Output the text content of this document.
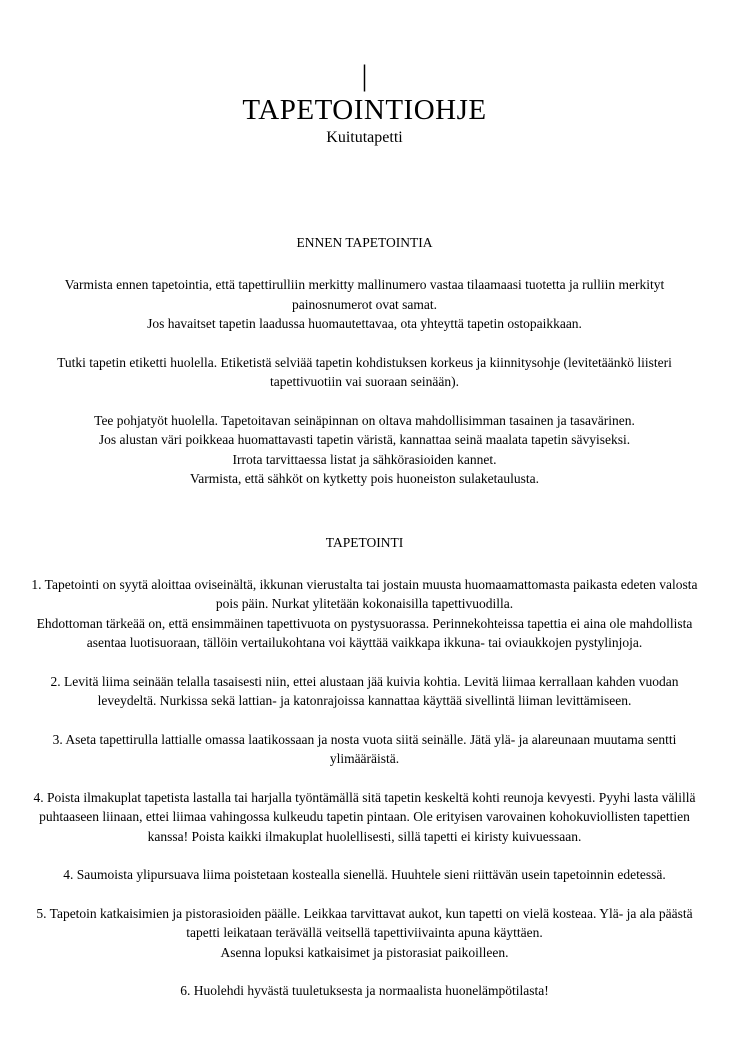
|
TAPETOINTIOHJE
Kuitutapetti
ENNEN TAPETOINTIA

Varmista ennen tapetointia, että tapettirulliin merkitty mallinumero vastaa tilaamaasi tuotetta ja rulliin merkityt painosnumerot ovat samat.
Jos havaitset tapetin laadussa huomautettavaa, ota yhteyttä tapetin ostopaikkaan.

Tutki tapetin etiketti huolella. Etiketistä selviää tapetin kohdistuksen korkeus ja kiinnitysohje (levitetäänkö liisteri tapettivuotiin vai suoraan seinään).

Tee pohjatyöt huolella. Tapetoitavan seinäpinnan on oltava mahdollisimman tasainen ja tasavärinen.
Jos alustan väri poikkeaa huomattavasti tapetin väristä, kannattaa seinä maalata tapetin sävyiseksi.
Irrota tarvittaessa listat ja sähkörasioiden kannet.
Varmista, että sähköt on kytketty pois huoneiston sulaketaulusta.

TAPETOINTI

1. Tapetointi on syytä aloittaa oviseinältä, ikkunan vierustalta tai jostain muusta huomaamattomasta paikasta edeten valosta pois päin. Nurkat ylitetään kokonaisilla tapettivuodilla.
Ehdottoman tärkeää on, että ensimmäinen tapettivuota on pystysuorassa. Perinnekohteissa tapettia ei aina ole mahdollista asentaa luotisuoraan, tällöin vertailukohtana voi käyttää vaikkapa ikkuna- tai oviaukkojen pystylinjoja.

2. Levitä liima seinään telalla tasaisesti niin, ettei alustaan jää kuivia kohtia. Levitä liimaa kerrallaan kahden vuodan leveydeltä. Nurkissa sekä lattian- ja katonrajoissa kannattaa käyttää sivellintä liiman levittämiseen.

3. Aseta tapettirulla lattialle omassa laatikossaan ja nosta vuota siitä seinälle. Jätä ylä- ja alareunaan muutama sentti ylimääräistä.

4. Poista ilmakuplat tapetista lastalla tai harjalla työntämällä sitä tapetin keskeltä kohti reunoja kevyesti. Pyyhi lasta välillä puhtaaseen liinaan, ettei liimaa vahingossa kulkeudu tapetin pintaan. Ole erityisen varovainen kohokuviollisten tapettien kanssa! Poista kaikki ilmakuplat huolellisesti, sillä tapetti ei kiristy kuivuessaan.

4. Saumoista ylipursuava liima poistetaan kostealla sienellä. Huuhtele sieni riittävän usein tapetoinnin edetessä.

5. Tapetoin katkaisimien ja pistorasioiden päälle. Leikkaa tarvittavat aukot, kun tapetti on vielä kosteaa. Ylä- ja ala päästä tapetti leikataan terävällä veitsellä tapettiviivainta apuna käyttäen.
Asenna lopuksi katkaisimet ja pistorasiat paikoilleen.

6. Huolehdi hyvästä tuuletuksesta ja normaalista huonelämpötilasta!
